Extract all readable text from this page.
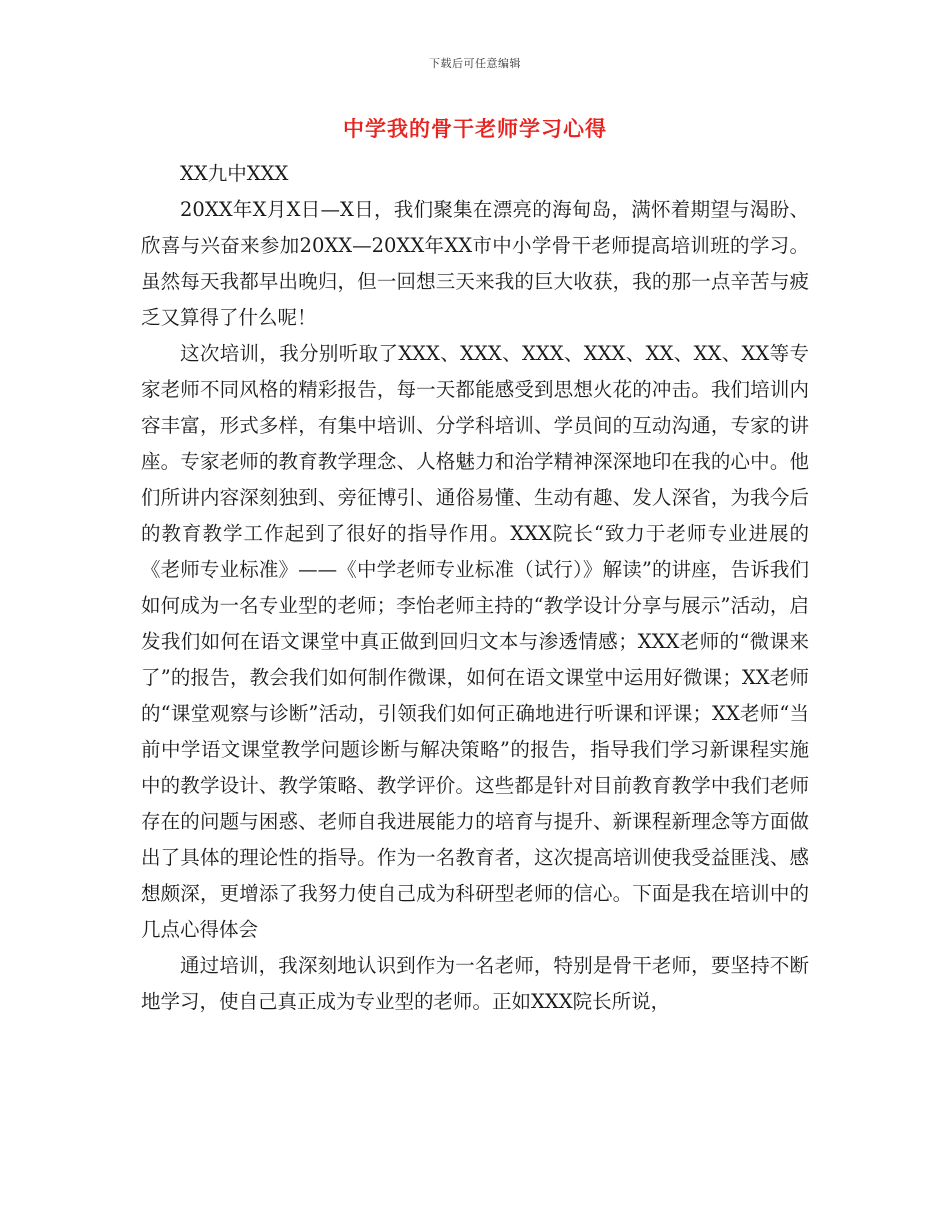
下载后可任意编辑
中学我的骨干老师学习心得

XX九中XXX

20XX年X月X日—X日，我们聚集在漂亮的海甸岛，满怀着期望与渴盼、欣喜与兴奋来参加20XX—20XX年XX市中小学骨干老师提高培训班的学习。虽然每天我都早出晚归，但一回想三天来我的巨大收获，我的那一点辛苦与疲乏又算得了什么呢！

这次培训，我分别听取了XXX、XXX、XXX、XXX、XX、XX、XX等专家老师不同风格的精彩报告，每一天都能感受到思想火花的冲击。我们培训内容丰富，形式多样，有集中培训、分学科培训、学员间的互动沟通，专家的讲座。专家老师的教育教学理念、人格魅力和治学精神深深地印在我的心中。他们所讲内容深刻独到、旁征博引、通俗易懂、生动有趣、发人深省，为我今后的教育教学工作起到了很好的指导作用。XXX院长“致力于老师专业进展的《老师专业标准》——《中学老师专业标准（试行）》解读”的讲座，告诉我们如何成为一名专业型的老师；李怡老师主持的“教学设计分享与展示”活动，启发我们如何在语文课堂中真正做到回归文本与渗透情感；XXX老师的“微课来了”的报告，教会我们如何制作微课，如何在语文课堂中运用好微课；XX老师的“课堂观察与诊断”活动，引领我们如何正确地进行听课和评课；XX老师“当前中学语文课堂教学问题诊断与解决策略”的报告，指导我们学习新课程实施中的教学设计、教学策略、教学评价。这些都是针对目前教育教学中我们老师存在的问题与困惑、老师自我进展能力的培育与提升、新课程新理念等方面做出了具体的理论性的指导。作为一名教育者，这次提高培训使我受益匪浅、感想颇深，更增添了我努力使自己成为科研型老师的信心。下面是我在培训中的几点心得体会

通过培训，我深刻地认识到作为一名老师，特别是骨干老师，要坚持不断地学习，使自己真正成为专业型的老师。正如XXX院长所说，
